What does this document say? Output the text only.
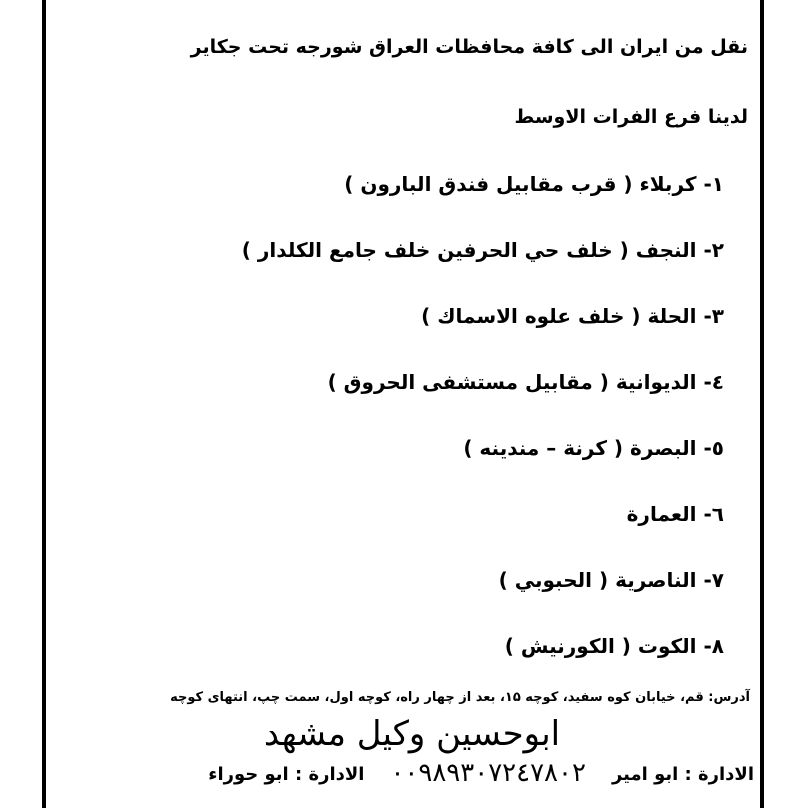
نقل من ايران الى كافة محافظات العراق شورجه تحت جكاير
لدينا فرع الفرات الاوسط
١- كربلاء ( قرب مقابيل فندق البارون )
٢- النجف ( خلف حي الحرفين خلف جامع الكلدار )
٣- الحلة ( خلف علوه الاسماك )
٤- الديوانية ( مقابيل مستشفى الحروق )
٥- البصرة ( كرنة – مندينه )
٦- العمارة
٧- الناصرية ( الحبوبي )
٨- الكوت ( الكورنيش )
آدرس: قم، خیابان کوه سفید، کوچه ۱۵، بعد از چهار راه، کوچه اول، سمت چپ، انتهای کوچه
ابوحسين وكيل مشهد
الادارة : ابو امير
٠٠٩٨٩٣٠٧٢٤٧٨٠٢
الادارة : ابو حوراء
